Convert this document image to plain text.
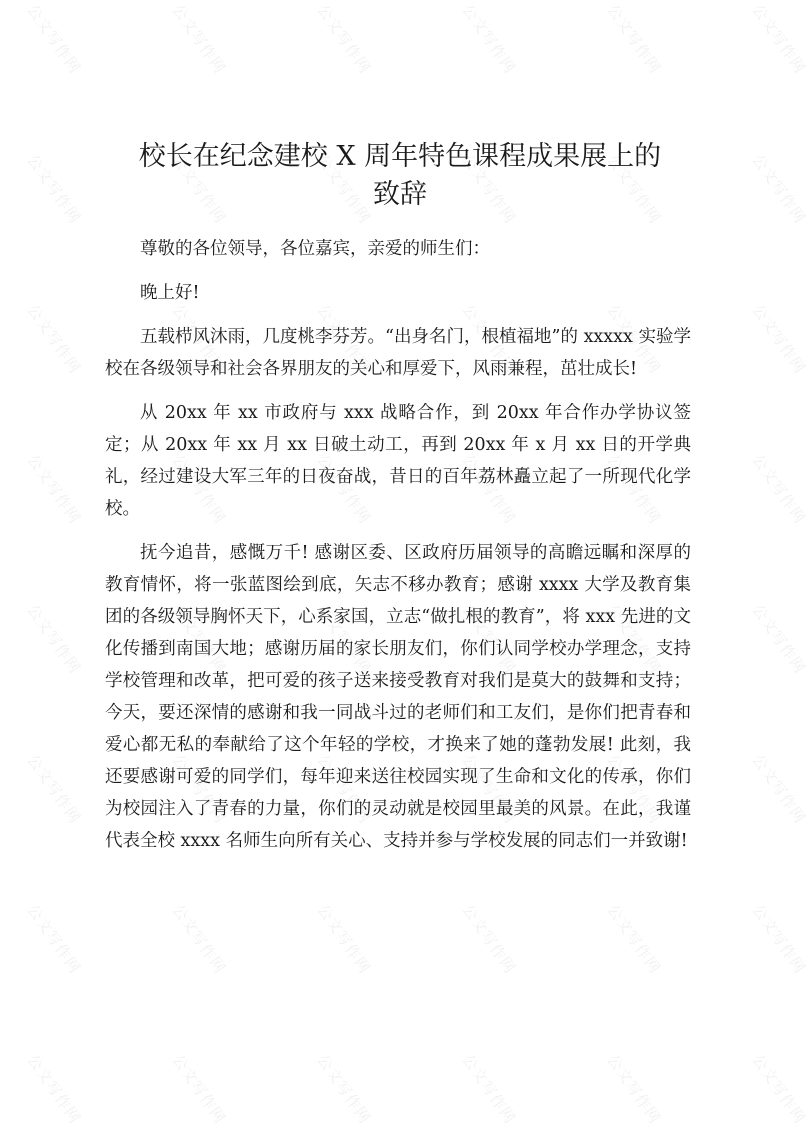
公文写作网	公文写作网	公文写作网	公文写作网	公文写作网	公文写作网
公文写作网	公文写作网	公文写作网	公文写作网	公文写作网	公文写作网
公文写作网	公文写作网	公文写作网	公文写作网	公文写作网	公文写作网
公文写作网	公文写作网	公文写作网	公文写作网	公文写作网	公文写作网
公文写作网	公文写作网	公文写作网	公文写作网	公文写作网	公文写作网
公文写作网	公文写作网	公文写作网	公文写作网	公文写作网	公文写作网
公文写作网	公文写作网	公文写作网	公文写作网	公文写作网	公文写作网
公文写作网	公文写作网	公文写作网	公文写作网	公文写作网	公文写作网
校长在纪念建校 X 周年特色课程成果展上的
致辞

尊敬的各位领导，各位嘉宾，亲爱的师生们：

晚上好!

五载栉风沐雨，几度桃李芬芳。“出身名门，根植福地”的 xxxxx 实验学校在各级领导和社会各界朋友的关心和厚爱下，风雨兼程，茁壮成长!

从 20xx 年 xx 市政府与 xxx 战略合作，到 20xx 年合作办学协议签定；从 20xx 年 xx 月 xx 日破土动工，再到 20xx 年 x 月 xx 日的开学典礼，经过建设大军三年的日夜奋战，昔日的百年荔林矗立起了一所现代化学校。

抚今追昔，感慨万千! 感谢区委、区政府历届领导的高瞻远瞩和深厚的教育情怀，将一张蓝图绘到底，矢志不移办教育；感谢 xxxx 大学及教育集团的各级领导胸怀天下，心系家国，立志“做扎根的教育”，将 xxx 先进的文化传播到南国大地；感谢历届的家长朋友们，你们认同学校办学理念，支持学校管理和改革，把可爱的孩子送来接受教育对我们是莫大的鼓舞和支持；今天，要还深情的感谢和我一同战斗过的老师们和工友们，是你们把青春和爱心都无私的奉献给了这个年轻的学校，才换来了她的蓬勃发展! 此刻，我还要感谢可爱的同学们，每年迎来送往校园实现了生命和文化的传承，你们为校园注入了青春的力量，你们的灵动就是校园里最美的风景。在此，我谨代表全校 xxxx 名师生向所有关心、支持并参与学校发展的同志们一并致谢!
